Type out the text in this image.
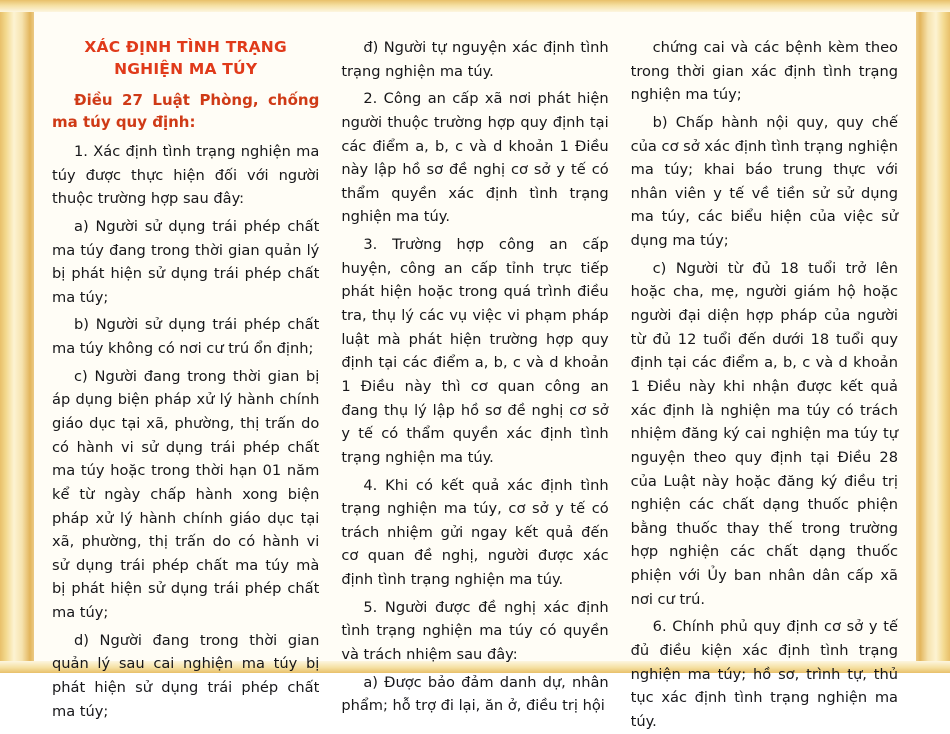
XÁC ĐỊNH TÌNH TRẠNG NGHIỆN MA TÚY

Điều 27 Luật Phòng, chống ma túy quy định:

1. Xác định tình trạng nghiện ma túy được thực hiện đối với người thuộc trường hợp sau đây:

a) Người sử dụng trái phép chất ma túy đang trong thời gian quản lý bị phát hiện sử dụng trái phép chất ma túy;

b) Người sử dụng trái phép chất ma túy không có nơi cư trú ổn định;

c) Người đang trong thời gian bị áp dụng biện pháp xử lý hành chính giáo dục tại xã, phường, thị trấn do có hành vi sử dụng trái phép chất ma túy hoặc trong thời hạn 01 năm kể từ ngày chấp hành xong biện pháp xử lý hành chính giáo dục tại xã, phường, thị trấn do có hành vi sử dụng trái phép chất ma túy mà bị phát hiện sử dụng trái phép chất ma túy;

d) Người đang trong thời gian quản lý sau cai nghiện ma túy bị phát hiện sử dụng trái phép chất ma túy;

đ) Người tự nguyện xác định tình trạng nghiện ma túy.

2. Công an cấp xã nơi phát hiện người thuộc trường hợp quy định tại các điểm a, b, c và d khoản 1 Điều này lập hồ sơ đề nghị cơ sở y tế có thẩm quyền xác định tình trạng nghiện ma túy.

3. Trường hợp công an cấp huyện, công an cấp tỉnh trực tiếp phát hiện hoặc trong quá trình điều tra, thụ lý các vụ việc vi phạm pháp luật mà phát hiện trường hợp quy định tại các điểm a, b, c và d khoản 1 Điều này thì cơ quan công an đang thụ lý lập hồ sơ đề nghị cơ sở y tế có thẩm quyền xác định tình trạng nghiện ma túy.

4. Khi có kết quả xác định tình trạng nghiện ma túy, cơ sở y tế có trách nhiệm gửi ngay kết quả đến cơ quan đề nghị, người được xác định tình trạng nghiện ma túy.

5. Người được đề nghị xác định tình trạng nghiện ma túy có quyền và trách nhiệm sau đây:

a) Được bảo đảm danh dự, nhân phẩm; hỗ trợ đi lại, ăn ở, điều trị hội

chứng cai và các bệnh kèm theo trong thời gian xác định tình trạng nghiện ma túy;

b) Chấp hành nội quy, quy chế của cơ sở xác định tình trạng nghiện ma túy; khai báo trung thực với nhân viên y tế về tiền sử sử dụng ma túy, các biểu hiện của việc sử dụng ma túy;

c) Người từ đủ 18 tuổi trở lên hoặc cha, mẹ, người giám hộ hoặc người đại diện hợp pháp của người từ đủ 12 tuổi đến dưới 18 tuổi quy định tại các điểm a, b, c và d khoản 1 Điều này khi nhận được kết quả xác định là nghiện ma túy có trách nhiệm đăng ký cai nghiện ma túy tự nguyện theo quy định tại Điều 28 của Luật này hoặc đăng ký điều trị nghiện các chất dạng thuốc phiện bằng thuốc thay thế trong trường hợp nghiện các chất dạng thuốc phiện với Ủy ban nhân dân cấp xã nơi cư trú.

6. Chính phủ quy định cơ sở y tế đủ điều kiện xác định tình trạng nghiện ma túy; hồ sơ, trình tự, thủ tục xác định tình trạng nghiện ma túy.
